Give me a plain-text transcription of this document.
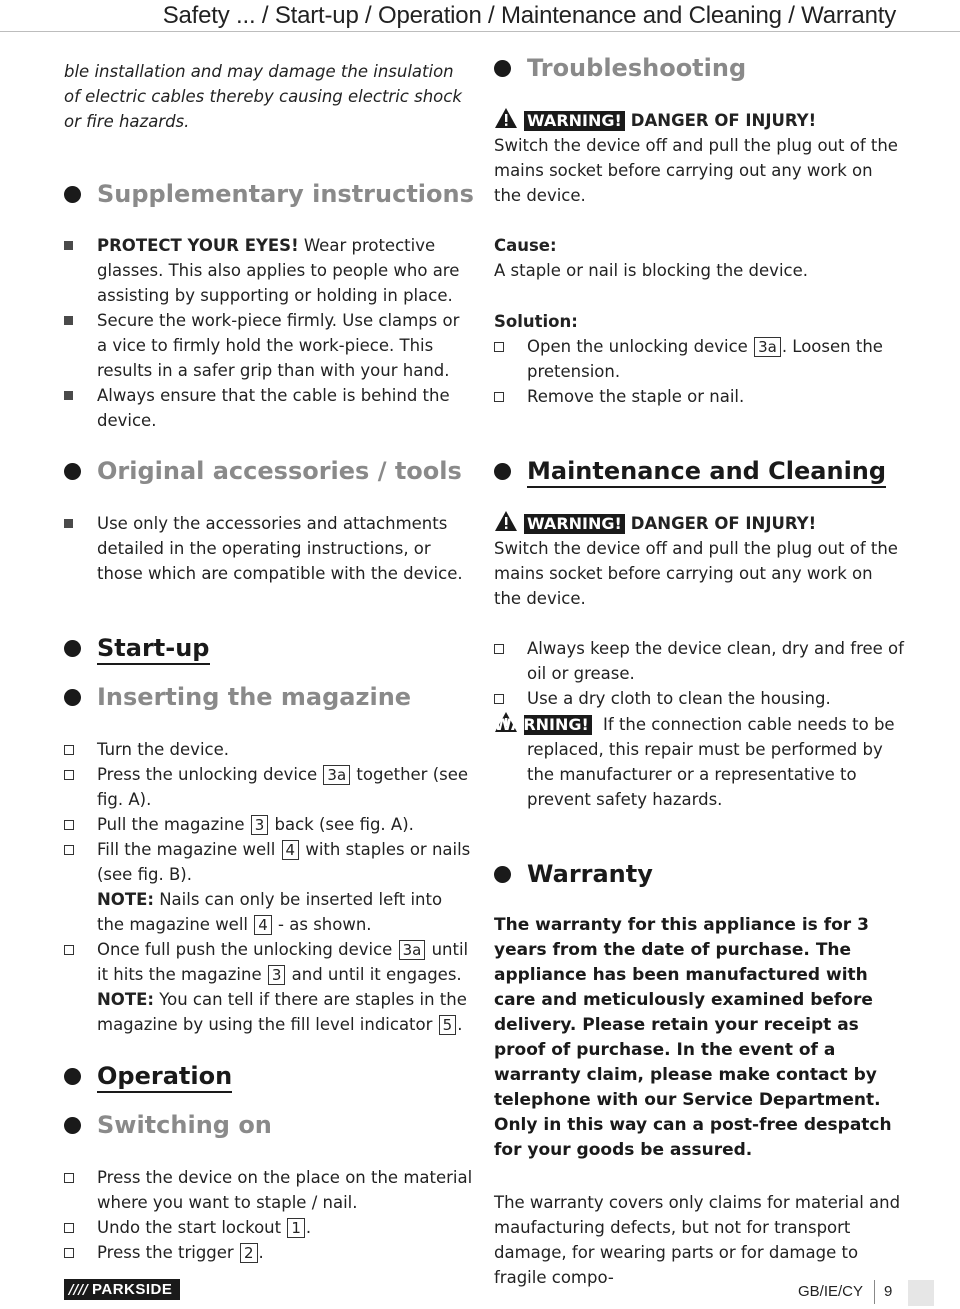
Safety ... / Start-up / Operation / Maintenance and Cleaning / Warranty

ble installation and may damage the insulation of electric cables thereby causing electric shock or fire hazards.

Supplementary instructions
PROTECT YOUR EYES! Wear protective glasses. This also applies to people who are assisting by supporting or holding in place.
Secure the work-piece firmly. Use clamps or a vice to firmly hold the work-piece. This results in a safer grip than with your hand.
Always ensure that the cable is behind the device.
Original accessories / tools
Use only the accessories and attachments detailed in the operating instructions, or those which are compatible with the device.
Start-up
Inserting the magazine
Turn the device.
Press the unlocking device 3a together (see fig. A).
Pull the magazine 3 back (see fig. A).
Fill the magazine well 4 with staples or nails (see fig. B).
NOTE: Nails can only be inserted left into the magazine well 4 - as shown.
Once full push the unlocking device 3a until it hits the magazine 3 and until it engages.
NOTE: You can tell if there are staples in the magazine by using the fill level indicator 5 .
Operation
Switching on
Press the device on the place on the material where you want to staple / nail.
Undo the start lockout 1 .
Press the trigger 2 .
Troubleshooting

WARNING! DANGER OF INJURY!

Switch the device off and pull the plug out of the mains socket before carrying out any work on the device.

Cause:

A staple or nail is blocking the device.

Solution:

Open the unlocking device 3a . Loosen the pretension.
Remove the staple or nail.
Maintenance and Cleaning

WARNING! DANGER OF INJURY!

Switch the device off and pull the plug out of the mains socket before carrying out any work on the device.

Always keep the device clean, dry and free of oil or grease.
Use a dry cloth to clean the housing.

WARNING! If the connection cable needs to be replaced, this repair must be performed by the manufacturer or a representative to prevent safety hazards.

Warranty

The warranty for this appliance is for 3 years from the date of purchase. The appliance has been manufactured with care and meticulously examined before delivery. Please retain your receipt as proof of purchase. In the event of a warranty claim, please make contact by telephone with our Service Department. Only in this way can a post-free despatch for your goods be assured.

The warranty covers only claims for material and maufacturing defects, but not for transport damage, for wearing parts or for damage to fragile compo-

//// PARKSIDE	GB/IE/CY 9
